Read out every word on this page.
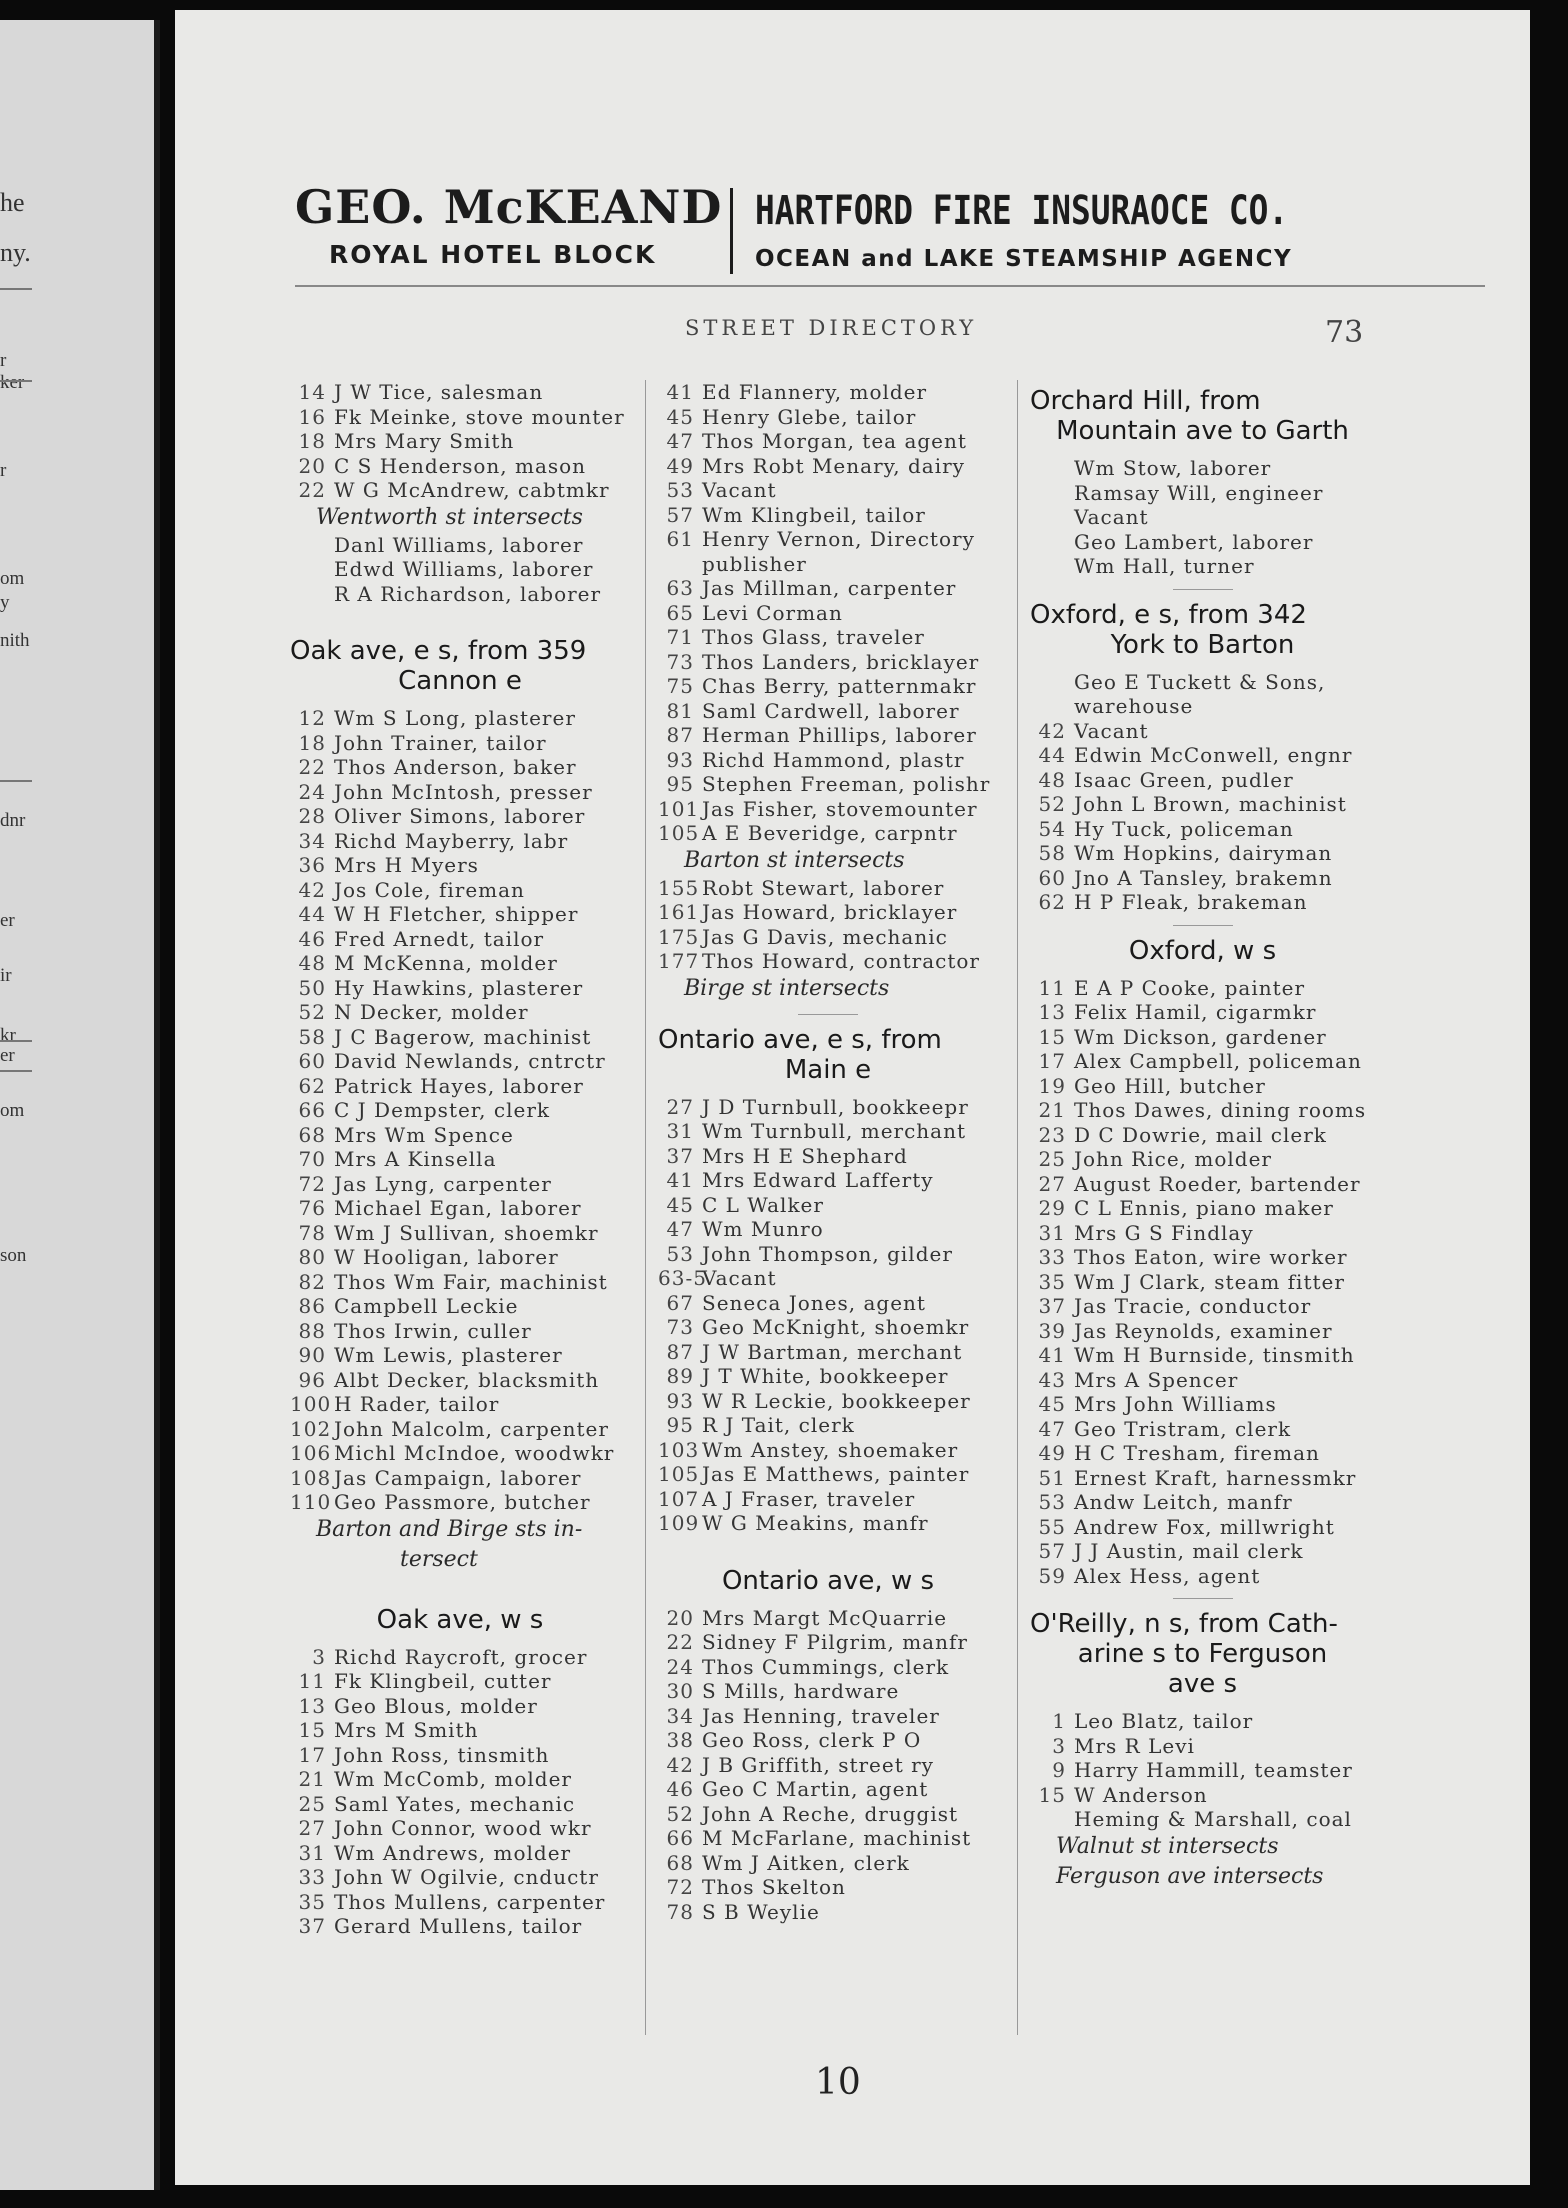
he
ny.
r
ker
r
om
y
nith
dnr
er
ir
kr
er
om
son
GEO. McKEAND
ROYAL HOTEL BLOCK
HARTFORD FIRE INSURAOCE CO.
OCEAN and LAKE STEAMSHIP AGENCY
STREET DIRECTORY	73
14 J W Tice, salesman
16 Fk Meinke, stove mounter
18 Mrs Mary Smith
20 C S Henderson, mason
22 W G McAndrew, cabtmkr
Wentworth st intersects
Danl Williams, laborer
Edwd Williams, laborer
R A Richardson, laborer
Oak ave, e s, from 359
Cannon e
12 Wm S Long, plasterer
18 John Trainer, tailor
22 Thos Anderson, baker
24 John McIntosh, presser
28 Oliver Simons, laborer
34 Richd Mayberry, labr
36 Mrs H Myers
42 Jos Cole, fireman
44 W H Fletcher, shipper
46 Fred Arnedt, tailor
48 M McKenna, molder
50 Hy Hawkins, plasterer
52 N Decker, molder
58 J C Bagerow, machinist
60 David Newlands, cntrctr
62 Patrick Hayes, laborer
66 C J Dempster, clerk
68 Mrs Wm Spence
70 Mrs A Kinsella
72 Jas Lyng, carpenter
76 Michael Egan, laborer
78 Wm J Sullivan, shoemkr
80 W Hooligan, laborer
82 Thos Wm Fair, machinist
86 Campbell Leckie
88 Thos Irwin, culler
90 Wm Lewis, plasterer
96 Albt Decker, blacksmith
100 H Rader, tailor
102 John Malcolm, carpenter
106 Michl McIndoe, woodwkr
108 Jas Campaign, laborer
110 Geo Passmore, butcher
Barton and Birge sts in-
tersect
Oak ave, w s
3 Richd Raycroft, grocer
11 Fk Klingbeil, cutter
13 Geo Blous, molder
15 Mrs M Smith
17 John Ross, tinsmith
21 Wm McComb, molder
25 Saml Yates, mechanic
27 John Connor, wood wkr
31 Wm Andrews, molder
33 John W Ogilvie, cnductr
35 Thos Mullens, carpenter
37 Gerard Mullens, tailor
41 Ed Flannery, molder
45 Henry Glebe, tailor
47 Thos Morgan, tea agent
49 Mrs Robt Menary, dairy
53 Vacant
57 Wm Klingbeil, tailor
61 Henry Vernon, Directory
publisher
63 Jas Millman, carpenter
65 Levi Corman
71 Thos Glass, traveler
73 Thos Landers, bricklayer
75 Chas Berry, patternmakr
81 Saml Cardwell, laborer
87 Herman Phillips, laborer
93 Richd Hammond, plastr
95 Stephen Freeman, polishr
101 Jas Fisher, stovemounter
105 A E Beveridge, carpntr
Barton st intersects
155 Robt Stewart, laborer
161 Jas Howard, bricklayer
175 Jas G Davis, mechanic
177 Thos Howard, contractor
Birge st intersects
Ontario ave, e s, from
Main e
27 J D Turnbull, bookkeepr
31 Wm Turnbull, merchant
37 Mrs H E Shephard
41 Mrs Edward Lafferty
45 C L Walker
47 Wm Munro
53 John Thompson, gilder
63-5
Vacant
67 Seneca Jones, agent
73 Geo McKnight, shoemkr
87 J W Bartman, merchant
89 J T White, bookkeeper
93 W R Leckie, bookkeeper
95 R J Tait, clerk
103 Wm Anstey, shoemaker
105 Jas E Matthews, painter
107 A J Fraser, traveler
109 W G Meakins, manfr
Ontario ave, w s
20 Mrs Margt McQuarrie
22 Sidney F Pilgrim, manfr
24 Thos Cummings, clerk
30 S Mills, hardware
34 Jas Henning, traveler
38 Geo Ross, clerk P O
42 J B Griffith, street ry
46 Geo C Martin, agent
52 John A Reche, druggist
66 M McFarlane, machinist
68 Wm J Aitken, clerk
72 Thos Skelton
78 S B Weylie
Orchard Hill, from
Mountain ave to Garth
Wm Stow, laborer
Ramsay Will, engineer
Vacant
Geo Lambert, laborer
Wm Hall, turner
Oxford, e s, from 342
York to Barton
Geo E Tuckett & Sons,
warehouse
42 Vacant
44 Edwin McConwell, engnr
48 Isaac Green, pudler
52 John L Brown, machinist
54 Hy Tuck, policeman
58 Wm Hopkins, dairyman
60 Jno A Tansley, brakemn
62 H P Fleak, brakeman
Oxford, w s
11 E A P Cooke, painter
13 Felix Hamil, cigarmkr
15 Wm Dickson, gardener
17 Alex Campbell, policeman
19 Geo Hill, butcher
21 Thos Dawes, dining rooms
23 D C Dowrie, mail clerk
25 John Rice, molder
27 August Roeder, bartender
29 C L Ennis, piano maker
31 Mrs G S Findlay
33 Thos Eaton, wire worker
35 Wm J Clark, steam fitter
37 Jas Tracie, conductor
39 Jas Reynolds, examiner
41 Wm H Burnside, tinsmith
43 Mrs A Spencer
45 Mrs John Williams
47 Geo Tristram, clerk
49 H C Tresham, fireman
51 Ernest Kraft, harnessmkr
53 Andw Leitch, manfr
55 Andrew Fox, millwright
57 J J Austin, mail clerk
59 Alex Hess, agent
O'Reilly, n s, from Cath-
arine s to Ferguson
ave s
1 Leo Blatz, tailor
3 Mrs R Levi
9 Harry Hammill, teamster
15 W Anderson
Heming & Marshall, coal
Walnut st intersects
Ferguson ave intersects
10
